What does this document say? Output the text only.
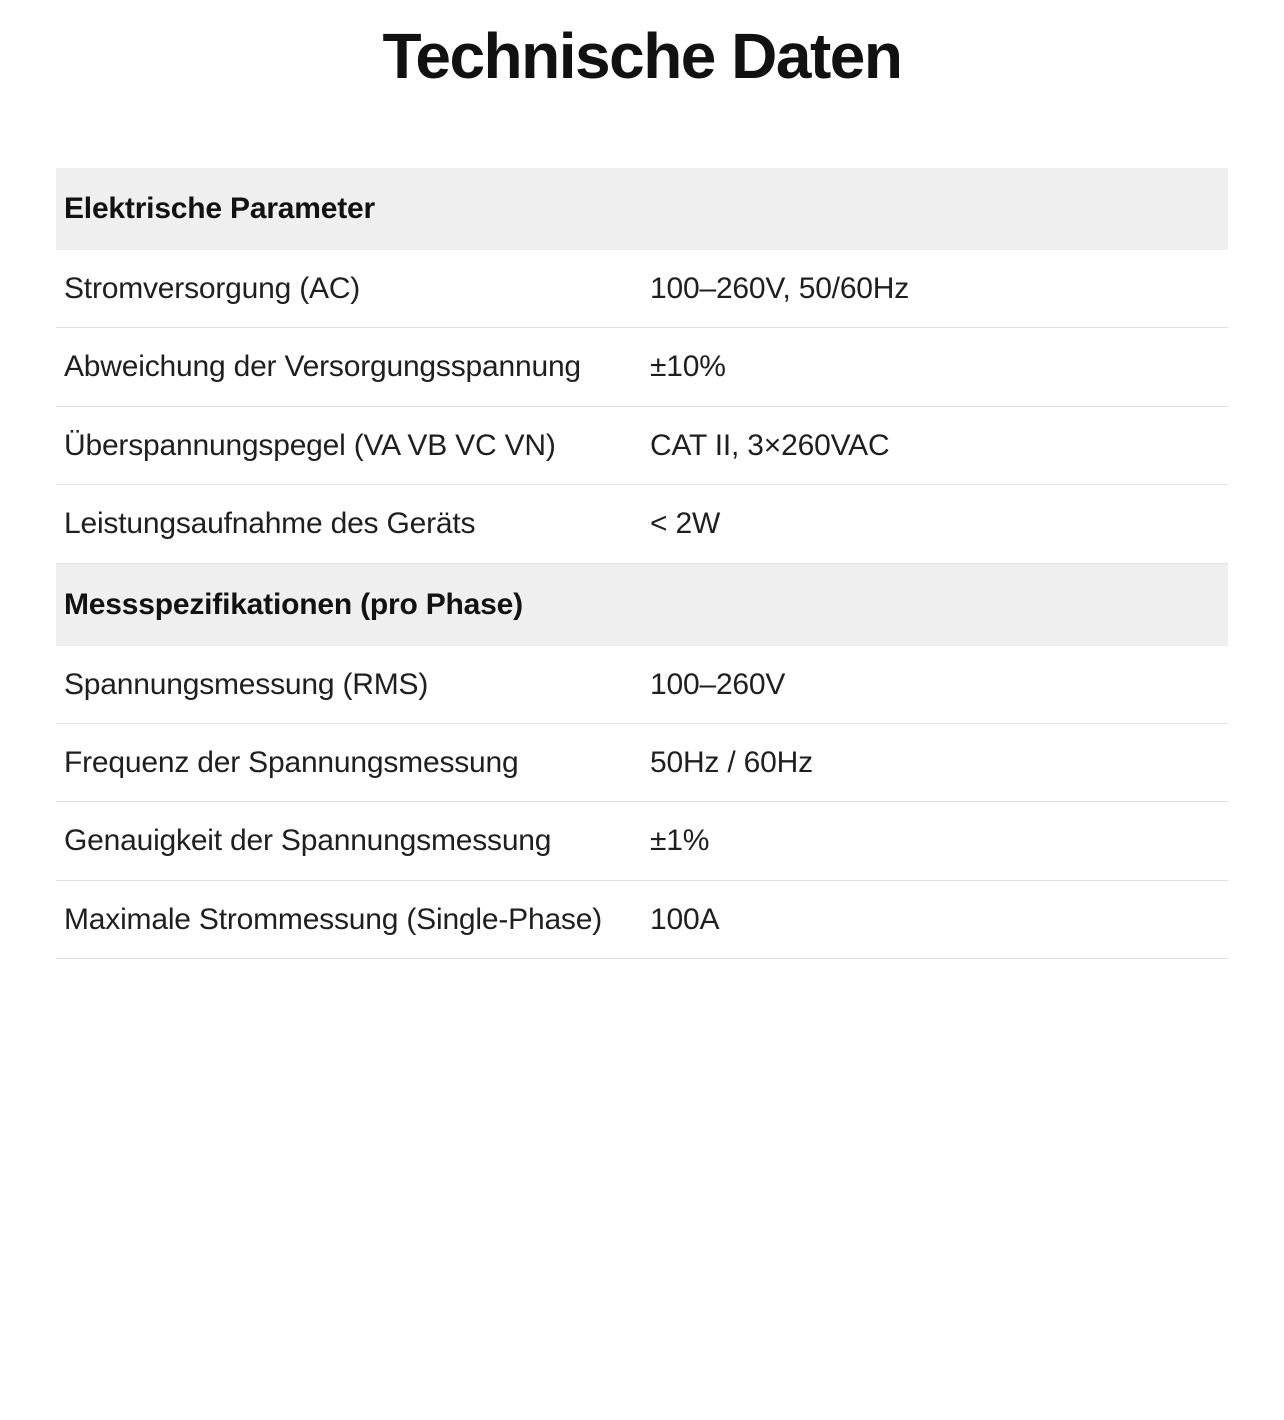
Technische Daten
Elektrische Parameter	
Stromversorgung (AC)	100–260V, 50/60Hz
Abweichung der Versorgungsspannung	±10%
Überspannungspegel (VA VB VC VN)	CAT II, 3×260VAC
Leistungsaufnahme des Geräts	< 2W
Messspezifikationen (pro Phase)	
Spannungsmessung (RMS)	100–260V
Frequenz der Spannungsmessung	50Hz / 60Hz
Genauigkeit der Spannungsmessung	±1%
Maximale Strommessung (Single-Phase)	100A
